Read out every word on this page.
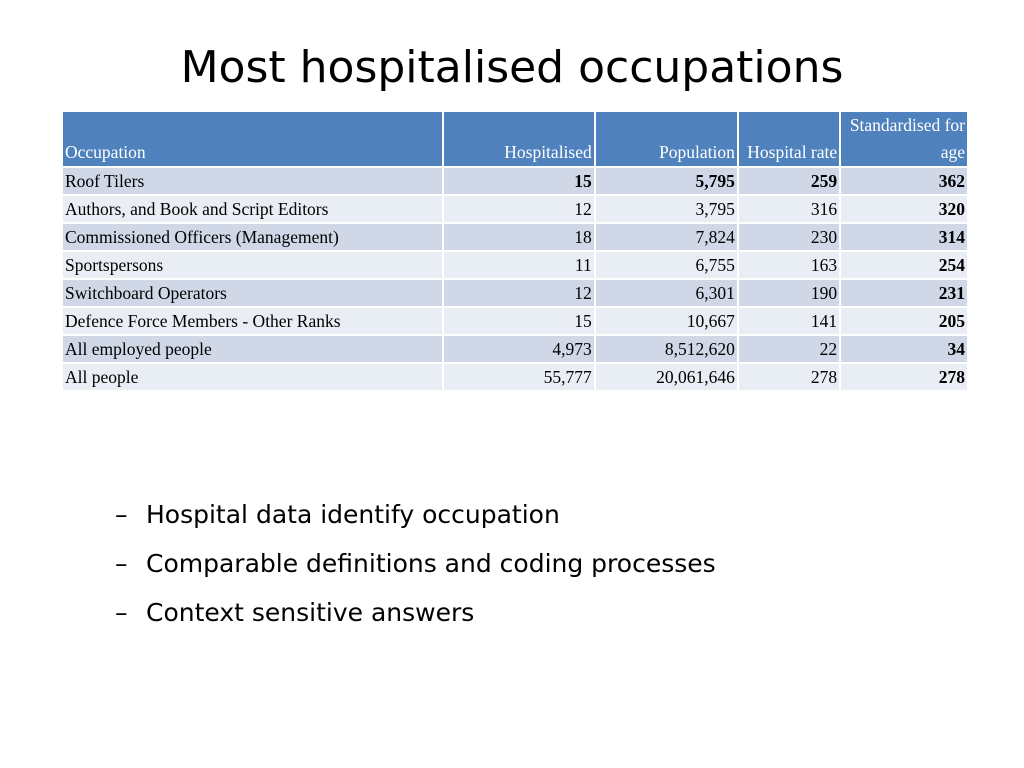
Most hospitalised occupations
Occupation	Hospitalised	Population	Hospital rate	Standardised for age
Roof Tilers	15	5,795	259	362
Authors, and Book and Script Editors	12	3,795	316	320
Commissioned Officers (Management)	18	7,824	230	314
Sportspersons	11	6,755	163	254
Switchboard Operators	12	6,301	190	231
Defence Force Members - Other Ranks	15	10,667	141	205
All employed people	4,973	8,512,620	22	34
All people	55,777	20,061,646	278	278
– Hospital data identify occupation
– Comparable definitions and coding processes
– Context sensitive answers
